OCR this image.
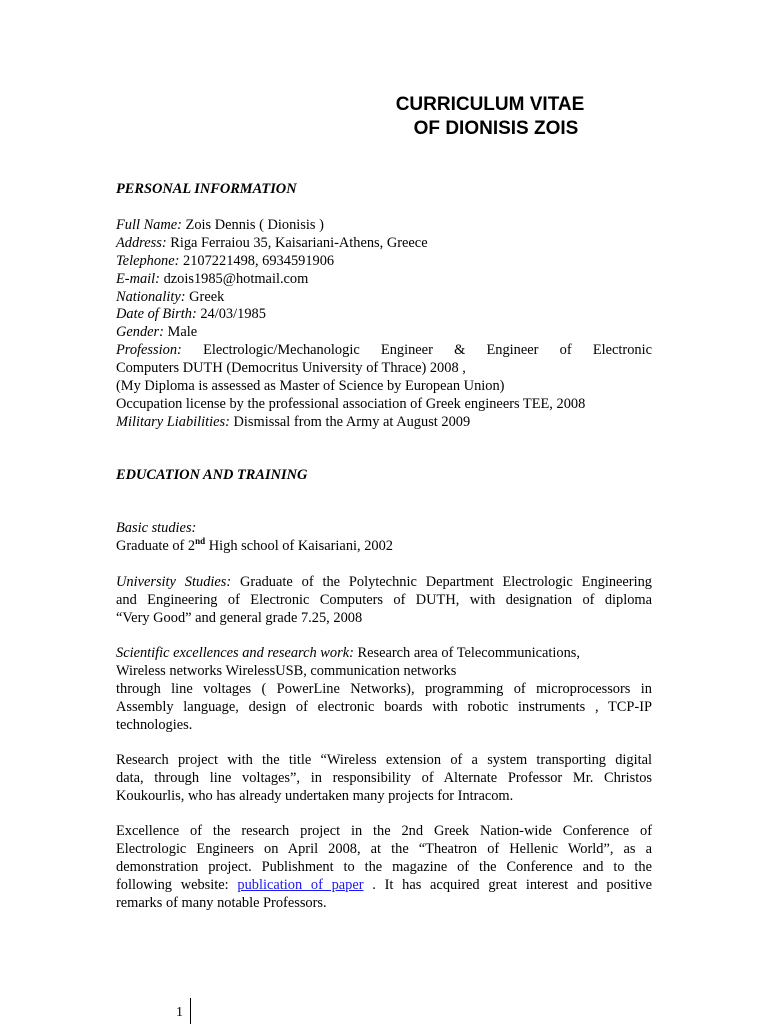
CURRICULUM VITAE
OF DIONISIS ZOIS
PERSONAL INFORMATION
Full Name: Zois Dennis ( Dionisis )
Address: Riga Ferraiou 35, Kaisariani-Athens, Greece
Telephone: 2107221498, 6934591906
E-mail: dzois1985@hotmail.com
Nationality: Greek
Date of Birth: 24/03/1985
Gender: Male
Profession: Electrologic/Mechanologic Engineer & Engineer of Electronic
Computers DUTH (Democritus University of Thrace) 2008 ,
(My Diploma is assessed as Master of Science by European Union)
Occupation license by the professional association of Greek engineers TEE, 2008
Military Liabilities: Dismissal from the Army at August 2009
EDUCATION AND TRAINING
Basic studies:
Graduate of 2nd High school of Kaisariani, 2002
University Studies: Graduate of the Polytechnic Department Electrologic Engineering
and Engineering of Electronic Computers of DUTH, with designation of diploma
“Very Good” and general grade 7.25, 2008
Scientific excellences and research work: Research area of Telecommunications,
Wireless networks WirelessUSB, communication networks
through line voltages ( PowerLine Networks), programming of microprocessors in
Assembly language, design of electronic boards with robotic instruments , TCP-IP
technologies.
Research project with the title “Wireless extension of a system transporting digital
data, through line voltages”, in responsibility of Alternate Professor Mr. Christos
Koukourlis, who has already undertaken many projects for Intracom.
Excellence of the research project in the 2nd Greek Nation-wide Conference of
Electrologic Engineers on April 2008, at the “Theatron of Hellenic World”, as a
demonstration project. Publishment to the magazine of the Conference and to the
following website: publication of paper . It has acquired great interest and positive
remarks of many notable Professors.
1
